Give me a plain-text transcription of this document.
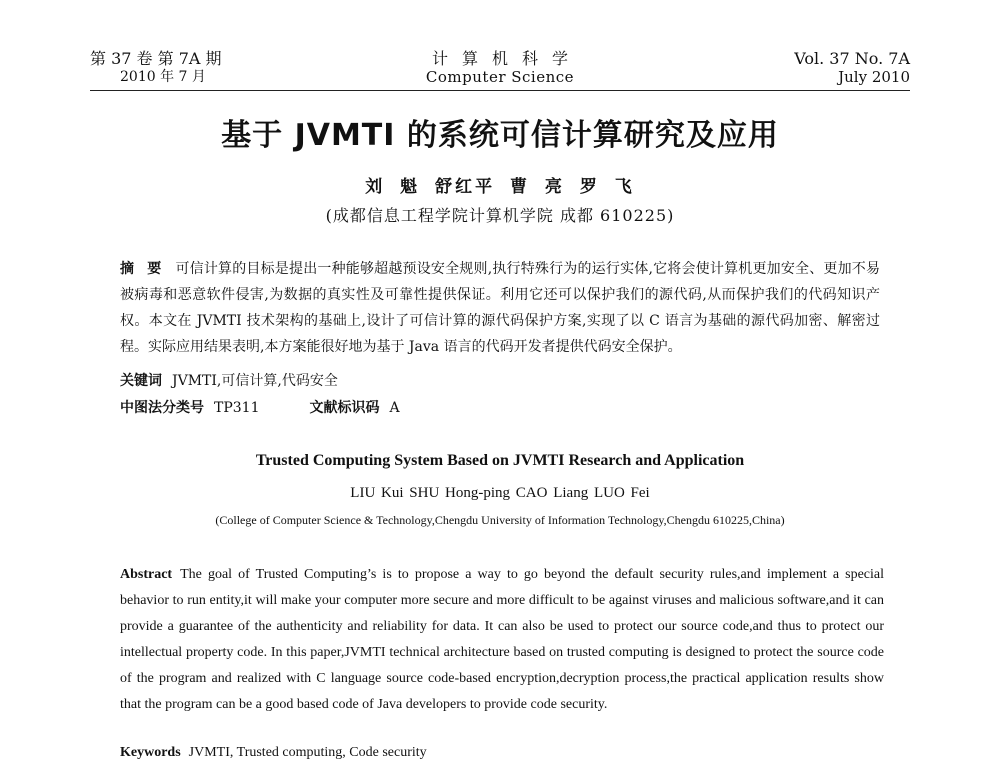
第 37 卷 第 7A 期
2010 年 7 月
计算机科学
Computer Science
Vol. 37 No. 7A
July 2010
基于 JVMTI 的系统可信计算研究及应用
刘 魁 舒红平 曹 亮 罗 飞
(成都信息工程学院计算机学院 成都 610225)
摘 要 可信计算的目标是提出一种能够超越预设安全规则,执行特殊行为的运行实体,它将会使计算机更加安全、更加不易被病毒和恶意软件侵害,为数据的真实性及可靠性提供保证。利用它还可以保护我们的源代码,从而保护我们的代码知识产权。本文在 JVMTI 技术架构的基础上,设计了可信计算的源代码保护方案,实现了以 C 语言为基础的源代码加密、解密过程。实际应用结果表明,本方案能很好地为基于 Java 语言的代码开发者提供代码安全保护。
关键词 JVMTI,可信计算,代码安全
中图法分类号 TP311	文献标识码 A
Trusted Computing System Based on JVMTI Research and Application
LIU Kui SHU Hong-ping CAO Liang LUO Fei
(College of Computer Science & Technology,Chengdu University of Information Technology,Chengdu 610225,China)
Abstract The goal of Trusted Computing’s is to propose a way to go beyond the default security rules,and implement a special behavior to run entity,it will make your computer more secure and more difficult to be against viruses and malicious software,and it can provide a guarantee of the authenticity and reliability for data. It can also be used to protect our source code,and thus to protect our intellectual property code. In this paper,JVMTI technical architecture based on trusted computing is designed to protect the source code of the program and realized with C language source code-based encryption,decryption process,the practical application results show that the program can be a good based code of Java developers to provide code security.
Keywords JVMTI, Trusted computing, Code security
